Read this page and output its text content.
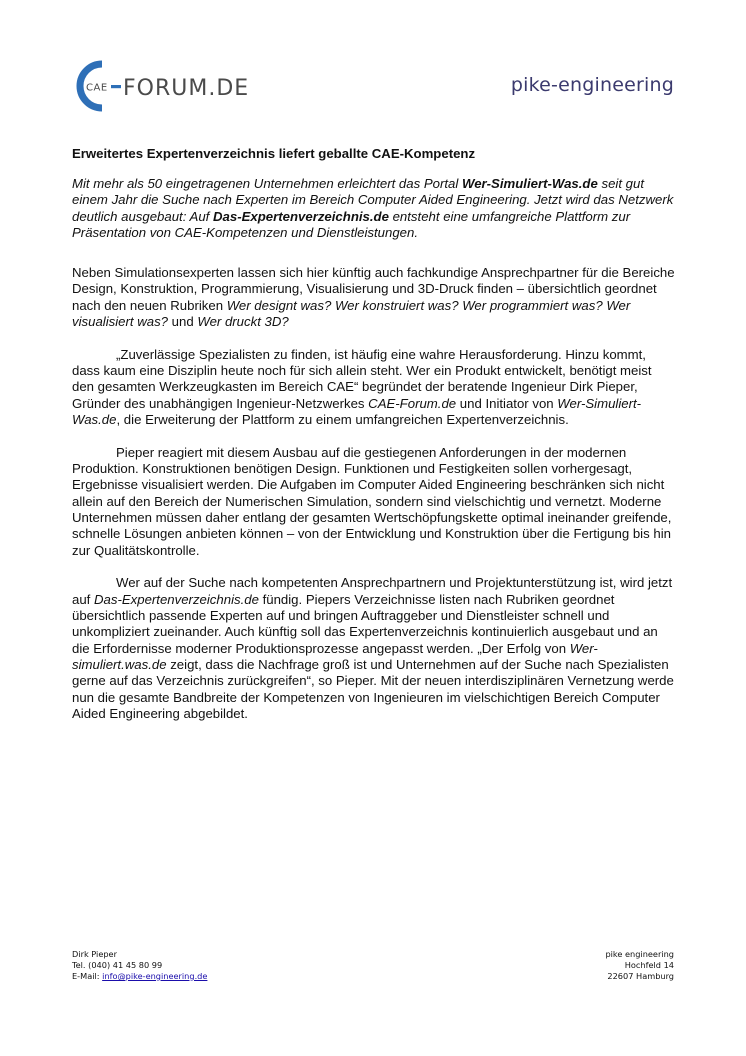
CAE FORUM.DE	pike-engineering
Erweitertes Expertenverzeichnis liefert geballte CAE-Kompetenz

Mit mehr als 50 eingetragenen Unternehmen erleichtert das Portal Wer-Simuliert-Was.de seit gut einem Jahr die Suche nach Experten im Bereich Computer Aided Engineering. Jetzt wird das Netzwerk deutlich ausgebaut: Auf Das-Expertenverzeichnis.de entsteht eine umfangreiche Plattform zur Präsentation von CAE-Kompetenzen und Dienstleistungen.

Neben Simulationsexperten lassen sich hier künftig auch fachkundige Ansprechpartner für die Bereiche Design, Konstruktion, Programmierung, Visualisierung und 3D-Druck finden – übersichtlich geordnet nach den neuen Rubriken Wer designt was? Wer konstruiert was? Wer programmiert was? Wer visualisiert was? und Wer druckt 3D?

„Zuverlässige Spezialisten zu finden, ist häufig eine wahre Herausforderung. Hinzu kommt, dass kaum eine Disziplin heute noch für sich allein steht. Wer ein Produkt entwickelt, benötigt meist den gesamten Werkzeugkasten im Bereich CAE“ begründet der beratende Ingenieur Dirk Pieper, Gründer des unabhängigen Ingenieur-Netzwerkes CAE-Forum.de und Initiator von Wer-Simuliert-Was.de, die Erweiterung der Plattform zu einem umfangreichen Expertenverzeichnis.

Pieper reagiert mit diesem Ausbau auf die gestiegenen Anforderungen in der modernen Produktion. Konstruktionen benötigen Design. Funktionen und Festigkeiten sollen vorhergesagt, Ergebnisse visualisiert werden. Die Aufgaben im Computer Aided Engineering beschränken sich nicht allein auf den Bereich der Numerischen Simulation, sondern sind vielschichtig und vernetzt. Moderne Unternehmen müssen daher entlang der gesamten Wertschöpfungskette optimal ineinander greifende, schnelle Lösungen anbieten können – von der Entwicklung und Konstruktion über die Fertigung bis hin zur Qualitätskontrolle.

Wer auf der Suche nach kompetenten Ansprechpartnern und Projektunterstützung ist, wird jetzt auf Das-Expertenverzeichnis.de fündig. Piepers Verzeichnisse listen nach Rubriken geordnet übersichtlich passende Experten auf und bringen Auftraggeber und Dienstleister schnell und unkompliziert zueinander. Auch künftig soll das Expertenverzeichnis kontinuierlich ausgebaut und an die Erfordernisse moderner Produktionsprozesse angepasst werden. „Der Erfolg von Wer-simuliert.was.de zeigt, dass die Nachfrage groß ist und Unternehmen auf der Suche nach Spezialisten gerne auf das Verzeichnis zurückgreifen“, so Pieper. Mit der neuen interdisziplinären Vernetzung werde nun die gesamte Bandbreite der Kompetenzen von Ingenieuren im vielschichtigen Bereich Computer Aided Engineering abgebildet.

Dirk Pieper
Tel. (040) 41 45 80 99
E-Mail: info@pike-engineering.de
pike engineering
Hochfeld 14
22607 Hamburg
